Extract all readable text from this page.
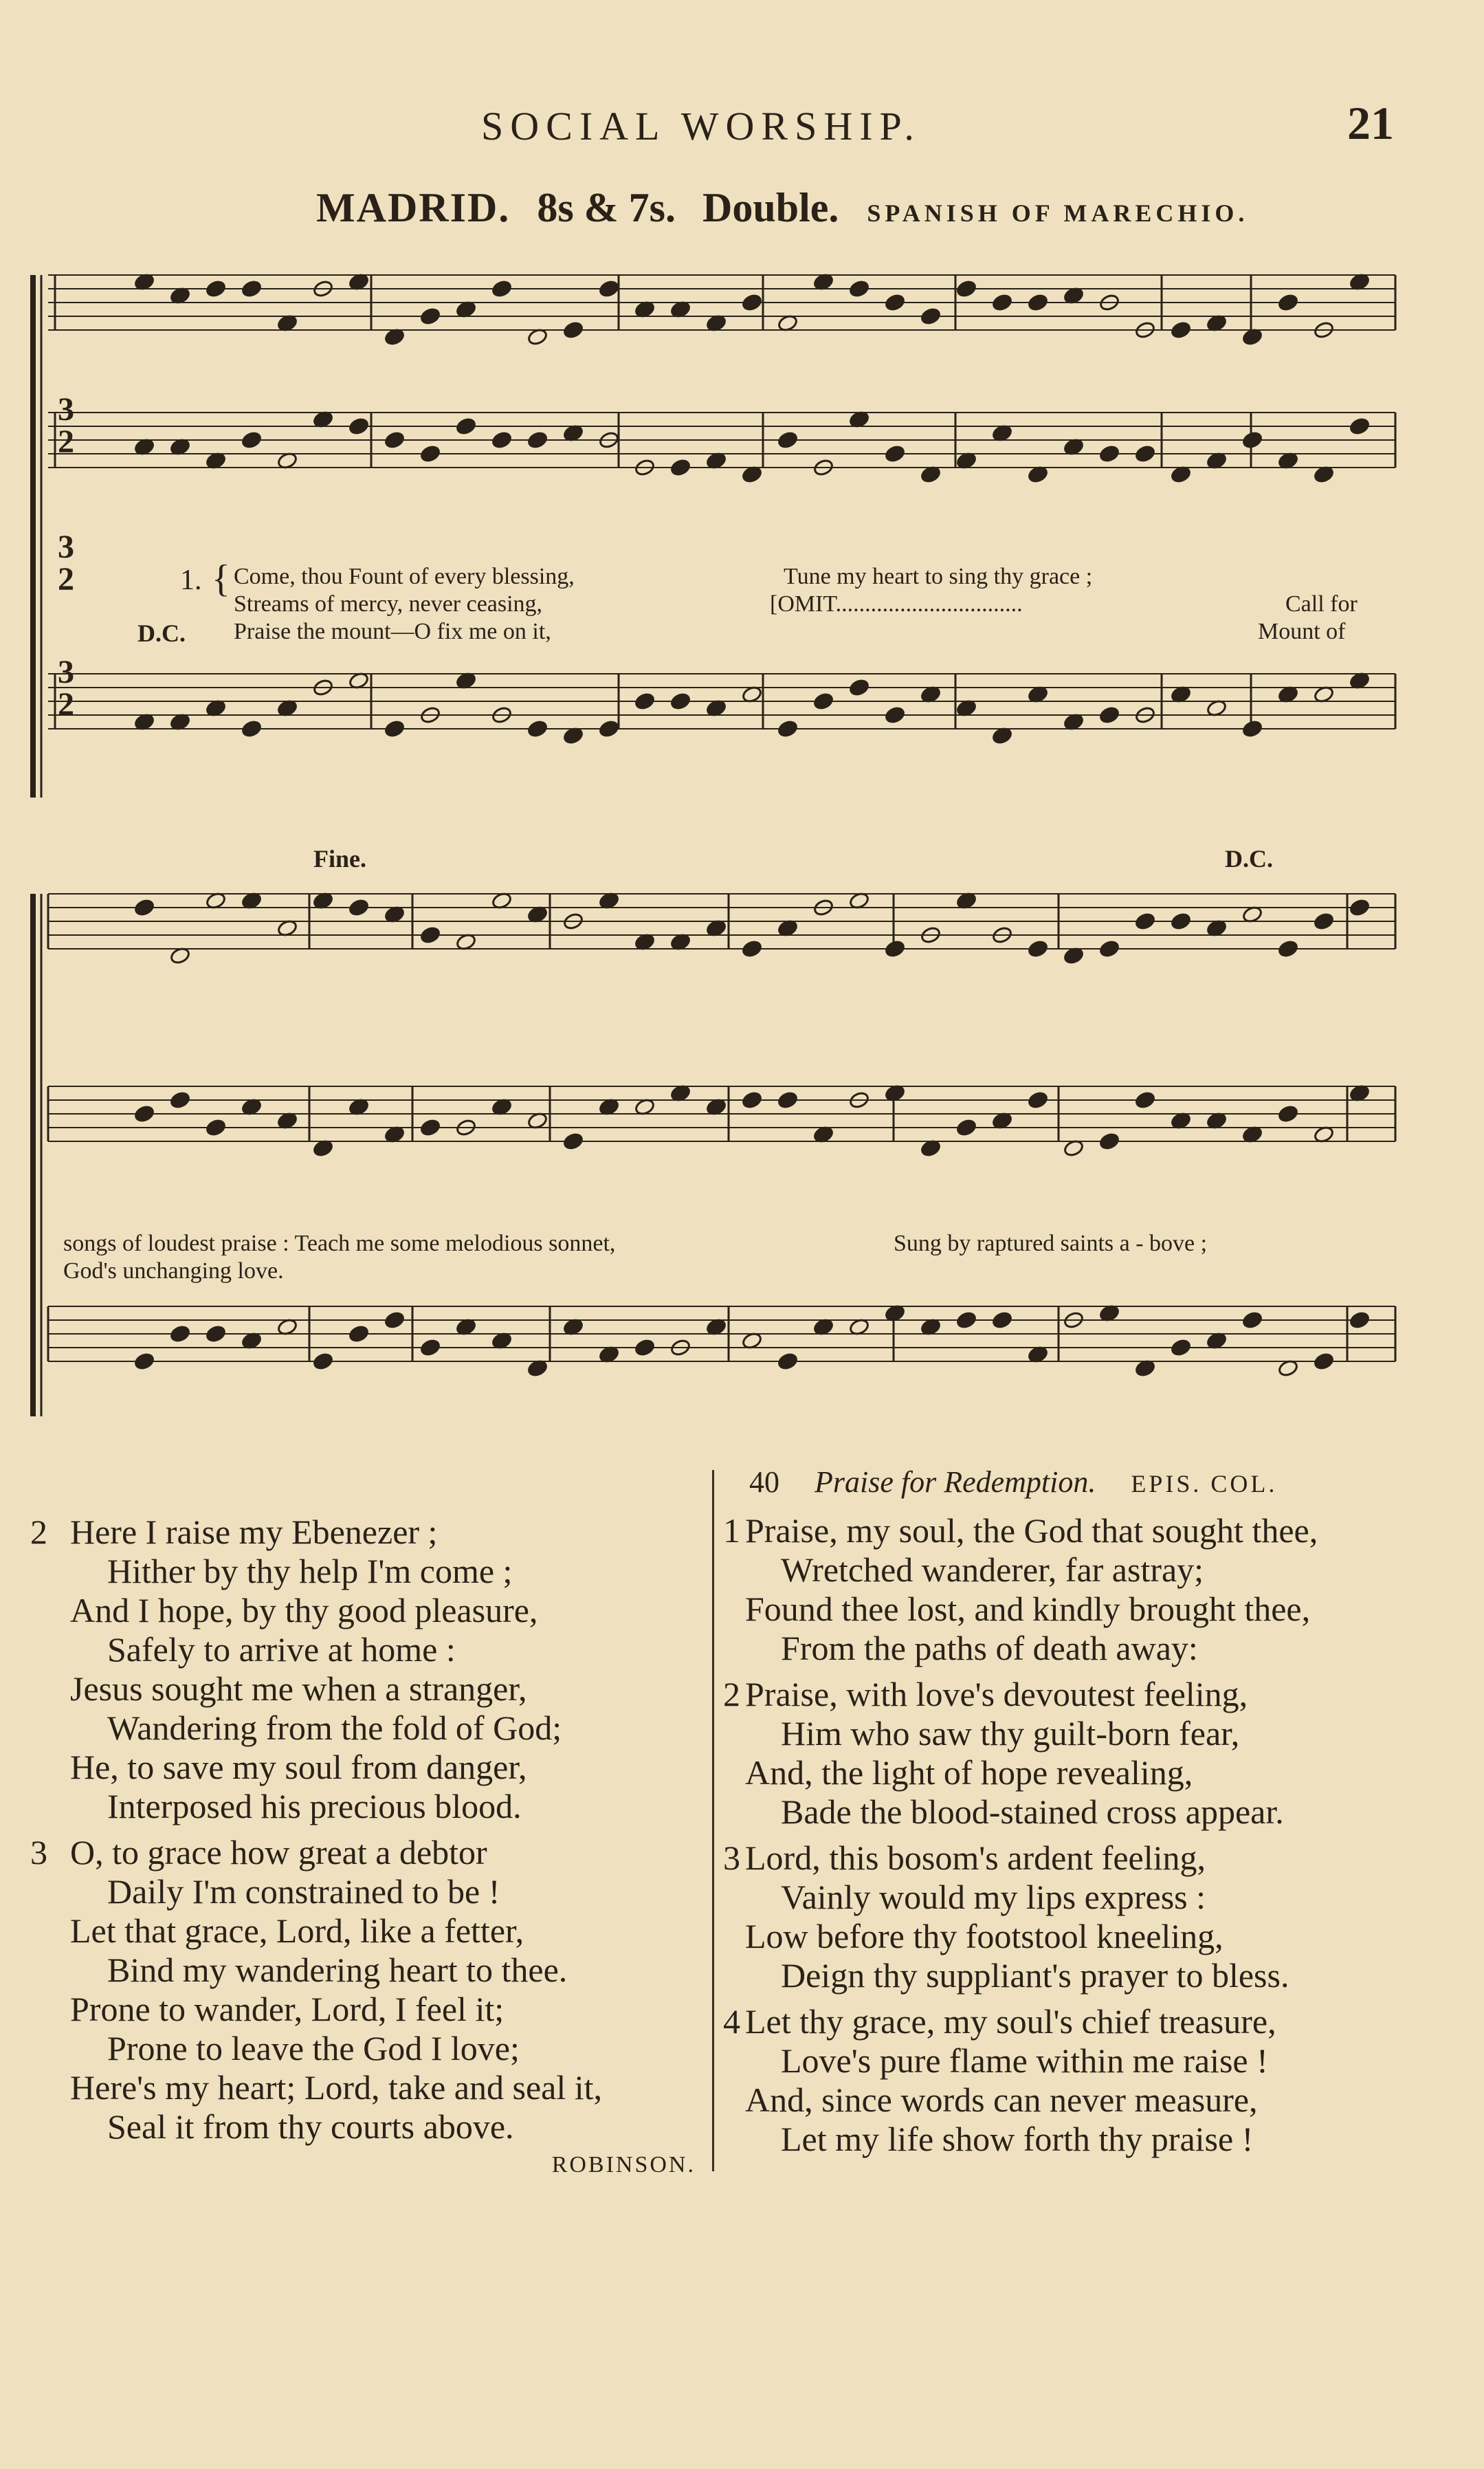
SOCIAL WORSHIP.	21
MADRID. 8s & 7s. Double. SPANISH OF MARECHIO.
3
2
3
2
3
2
1. { Come, thou Fount of every blessing,	Tune my heart to sing thy grace ;
Streams of mercy, never ceasing,	[OMIT................................	Call for
D.C. Praise the mount—O fix me on it,	Mount of
Fine.	D.C.
songs of loudest praise : Teach me some melodious sonnet,	Sung by raptured saints a - bove ;
God's unchanging love.
2 Here I raise my Ebenezer ;
Hither by thy help I'm come ;
And I hope, by thy good pleasure,
Safely to arrive at home :
Jesus sought me when a stranger,
Wandering from the fold of God;
He, to save my soul from danger,
Interposed his precious blood.
3 O, to grace how great a debtor
Daily I'm constrained to be !
Let that grace, Lord, like a fetter,
Bind my wandering heart to thee.
Prone to wander, Lord, I feel it;
Prone to leave the God I love;
Here's my heart; Lord, take and seal it,
Seal it from thy courts above.
ROBINSON.
40 Praise for Redemption. EPIS. COL.
1 Praise, my soul, the God that sought thee,
Wretched wanderer, far astray;
Found thee lost, and kindly brought thee,
From the paths of death away:
2 Praise, with love's devoutest feeling,
Him who saw thy guilt-born fear,
And, the light of hope revealing,
Bade the blood-stained cross appear.
3 Lord, this bosom's ardent feeling,
Vainly would my lips express :
Low before thy footstool kneeling,
Deign thy suppliant's prayer to bless.
4 Let thy grace, my soul's chief treasure,
Love's pure flame within me raise !
And, since words can never measure,
Let my life show forth thy praise !
